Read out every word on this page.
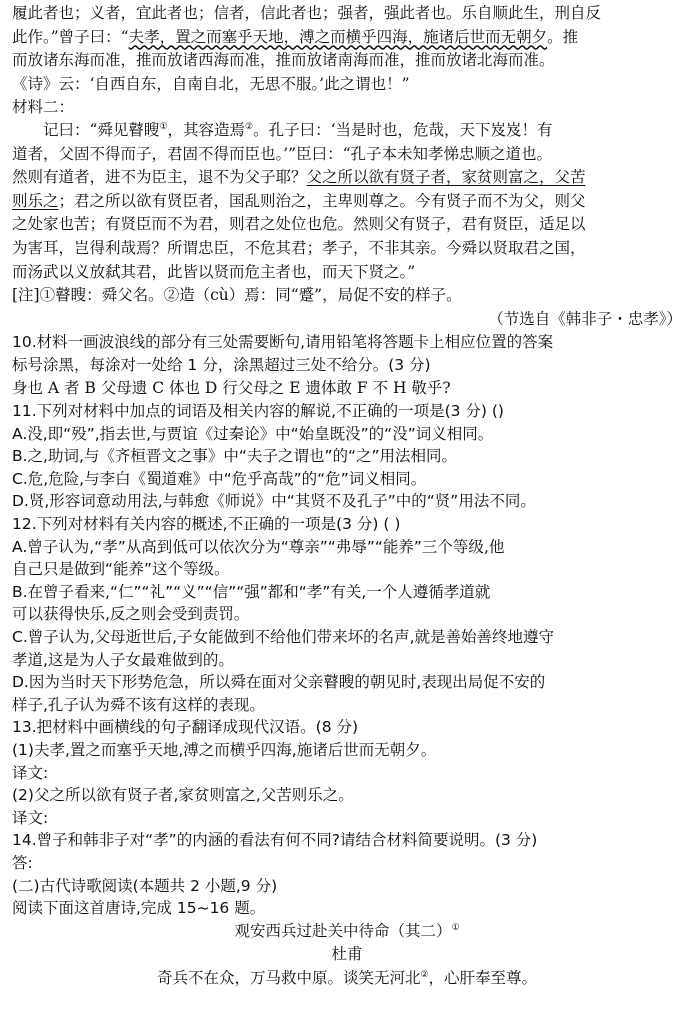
履此者也；义者，宜此者也；信者，信此者也；强者，强此者也。乐自顺此生，刑自反

此作。”曾子曰：“夫孝，置之而塞乎天地，溥之而横乎四海，施诸后世而无朝夕。推

而放诸东海而准，推而放诸西海而准，推而放诸南海而准，推而放诸北海而准。

《诗》云：‘自西自东，自南自北，无思不服。’此之谓也！”

材料二：

记曰：“舜见瞽瞍①，其容造焉②。孔子曰：‘当是时也，危哉，天下岌岌！有

道者，父固不得而子，君固不得而臣也。’”臣曰：“孔子本未知孝悌忠顺之道也。

然则有道者，进不为臣主，退不为父子耶？父之所以欲有贤子者，家贫则富之，父苦

则乐之；君之所以欲有贤臣者，国乱则治之，主卑则尊之。今有贤子而不为父，则父

之处家也苦；有贤臣而不为君，则君之处位也危。然则父有贤子，君有贤臣，适足以

为害耳，岂得利哉焉？所谓忠臣，不危其君；孝子，不非其亲。今舜以贤取君之国，

而汤武以义放弑其君，此皆以贤而危主者也，而天下贤之。”

[注]①瞽瞍：舜父名。②造（cù）焉：同“蹙”，局促不安的样子。

（节选自《韩非子・忠孝》）

10.材料一画波浪线的部分有三处需要断句,请用铅笔将答题卡上相应位置的答案

标号涂黑，每涂对一处给 1 分，涂黑超过三处不给分。(3 分)

身也 A 者 B 父母遗 C 体也 D 行父母之 E 遗体敢 F 不 H 敬乎?

11.下列对材料中加点的词语及相关内容的解说,不正确的一项是(3 分) ()

A.没,即“殁”,指去世,与贾谊《过秦论》中“始皇既没”的“没”词义相同。

B.之,助词,与《齐桓晋文之事》中“夫子之谓也”的“之”用法相同。

C.危,危险,与李白《蜀道难》中“危乎高哉”的“危”词义相同。

D.贤,形容词意动用法,与韩愈《师说》中“其贤不及孔子”中的“贤”用法不同。

12.下列对材料有关内容的概述,不正确的一项是(3 分) ( )

A.曾子认为,“孝”从高到低可以依次分为“尊亲”“弗辱”“能养”三个等级,他

自己只是做到“能养”这个等级。

B.在曾子看来,“仁”“礼”“义”“信”“强”都和“孝”有关,一个人遵循孝道就

可以获得快乐,反之则会受到责罚。

C.曾子认为,父母逝世后,子女能做到不给他们带来坏的名声,就是善始善终地遵守

孝道,这是为人子女最难做到的。

D.因为当时天下形势危急，所以舜在面对父亲瞽瞍的朝见时,表现出局促不安的

样子,孔子认为舜不该有这样的表现。

13.把材料中画横线的句子翻译成现代汉语。(8 分)

(1)夫孝,置之而塞乎天地,溥之而横乎四海,施诸后世而无朝夕。

译文:

(2)父之所以欲有贤子者,家贫则富之,父苦则乐之。

译文:

14.曾子和韩非子对“孝”的内涵的看法有何不同?请结合材料简要说明。(3 分)

答:

(二)古代诗歌阅读(本题共 2 小题,9 分)

阅读下面这首唐诗,完成 15~16 题。

观安西兵过赴关中待命（其二）①

杜甫

奇兵不在众，万马救中原。谈笑无河北②，心肝奉至尊。
